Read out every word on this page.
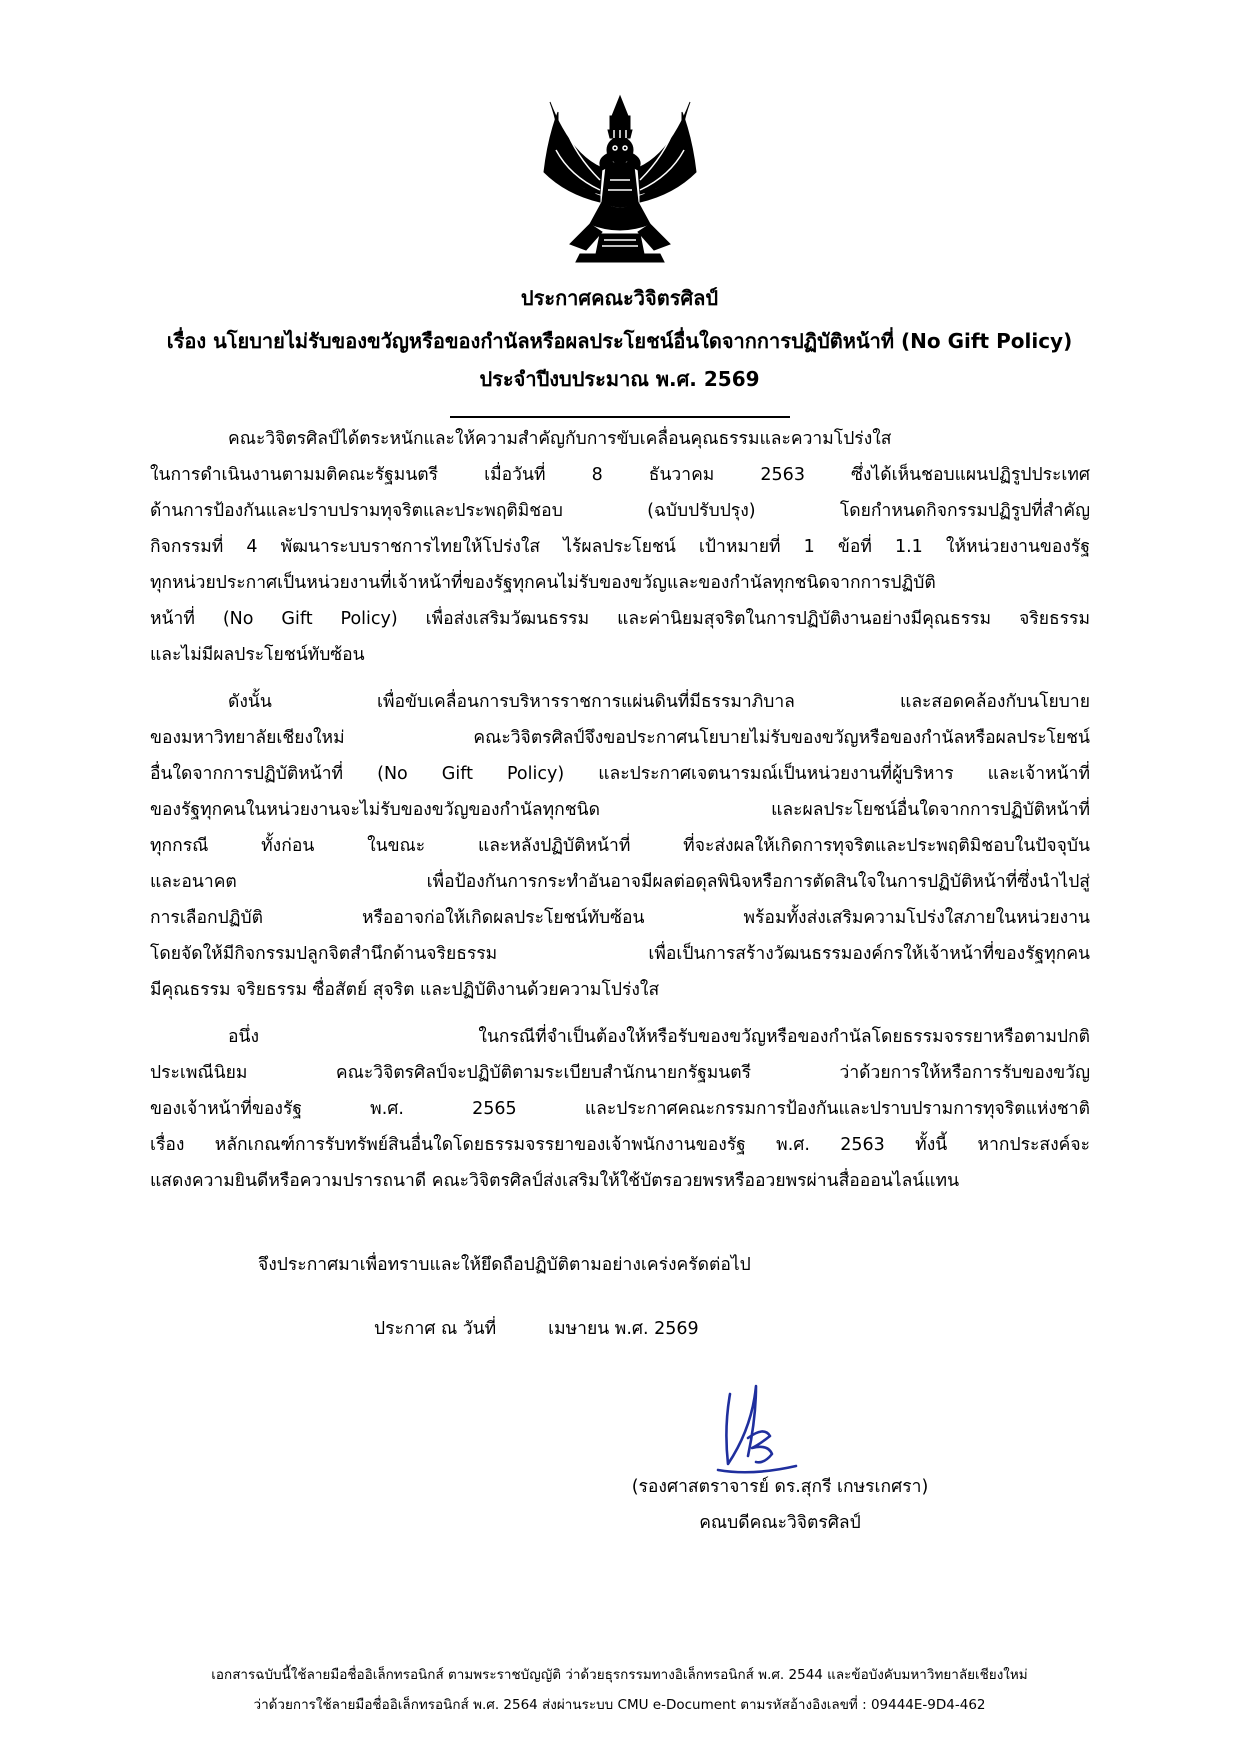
ประกาศคณะวิจิตรศิลป์
เรื่อง นโยบายไม่รับของขวัญหรือของกำนัลหรือผลประโยชน์อื่นใดจากการปฏิบัติหน้าที่ (No Gift Policy)
ประจำปีงบประมาณ พ.ศ. 2569
คณะวิจิตรศิลป์ได้ตระหนักและให้ความสำคัญกับการขับเคลื่อนคุณธรรมและความโปร่งใส
ในการดำเนินงานตามมติคณะรัฐมนตรี เมื่อวันที่ 8 ธันวาคม 2563 ซึ่งได้เห็นชอบแผนปฏิรูปประเทศ
ด้านการป้องกันและปราบปรามทุจริตและประพฤติมิชอบ (ฉบับปรับปรุง) โดยกำหนดกิจกรรมปฏิรูปที่สำคัญ
กิจกรรมที่ 4 พัฒนาระบบราชการไทยให้โปร่งใส ไร้ผลประโยชน์ เป้าหมายที่ 1 ข้อที่ 1.1 ให้หน่วยงานของรัฐ
ทุกหน่วยประกาศเป็นหน่วยงานที่เจ้าหน้าที่ของรัฐทุกคนไม่รับของขวัญและของกำนัลทุกชนิดจากการปฏิบัติ
หน้าที่ (No Gift Policy) เพื่อส่งเสริมวัฒนธรรม และค่านิยมสุจริตในการปฏิบัติงานอย่างมีคุณธรรม จริยธรรม
และไม่มีผลประโยชน์ทับซ้อน
ดังนั้น เพื่อขับเคลื่อนการบริหารราชการแผ่นดินที่มีธรรมาภิบาล และสอดคล้องกับนโยบาย
ของมหาวิทยาลัยเชียงใหม่ คณะวิจิตรศิลป์จึงขอประกาศนโยบายไม่รับของขวัญหรือของกำนัลหรือผลประโยชน์
อื่นใดจากการปฏิบัติหน้าที่ (No Gift Policy) และประกาศเจตนารมณ์เป็นหน่วยงานที่ผู้บริหาร และเจ้าหน้าที่
ของรัฐทุกคนในหน่วยงานจะไม่รับของขวัญของกำนัลทุกชนิด และผลประโยชน์อื่นใดจากการปฏิบัติหน้าที่
ทุกกรณี ทั้งก่อน ในขณะ และหลังปฏิบัติหน้าที่ ที่จะส่งผลให้เกิดการทุจริตและประพฤติมิชอบในปัจจุบัน
และอนาคต เพื่อป้องกันการกระทำอันอาจมีผลต่อดุลพินิจหรือการตัดสินใจในการปฏิบัติหน้าที่ซึ่งนำไปสู่
การเลือกปฏิบัติ หรืออาจก่อให้เกิดผลประโยชน์ทับซ้อน พร้อมทั้งส่งเสริมความโปร่งใสภายในหน่วยงาน
โดยจัดให้มีกิจกรรมปลูกจิตสำนึกด้านจริยธรรม เพื่อเป็นการสร้างวัฒนธรรมองค์กรให้เจ้าหน้าที่ของรัฐทุกคน
มีคุณธรรม จริยธรรม ซื่อสัตย์ สุจริต และปฏิบัติงานด้วยความโปร่งใส
อนึ่ง ในกรณีที่จำเป็นต้องให้หรือรับของขวัญหรือของกำนัลโดยธรรมจรรยาหรือตามปกติ
ประเพณีนิยม คณะวิจิตรศิลป์จะปฏิบัติตามระเบียบสำนักนายกรัฐมนตรี ว่าด้วยการให้หรือการรับของขวัญ
ของเจ้าหน้าที่ของรัฐ พ.ศ. 2565 และประกาศคณะกรรมการป้องกันและปราบปรามการทุจริตแห่งชาติ
เรื่อง หลักเกณฑ์การรับทรัพย์สินอื่นใดโดยธรรมจรรยาของเจ้าพนักงานของรัฐ พ.ศ. 2563 ทั้งนี้ หากประสงค์จะ
แสดงความยินดีหรือความปรารถนาดี คณะวิจิตรศิลป์ส่งเสริมให้ใช้บัตรอวยพรหรืออวยพรผ่านสื่อออนไลน์แทน
จึงประกาศมาเพื่อทราบและให้ยึดถือปฏิบัติตามอย่างเคร่งครัดต่อไป
ประกาศ ณ วันที่	เมษายน พ.ศ. 2569
(รองศาสตราจารย์ ดร.สุกรี เกษรเกศรา)
คณบดีคณะวิจิตรศิลป์
เอกสารฉบับนี้ใช้ลายมือชื่ออิเล็กทรอนิกส์ ตามพระราชบัญญัติ ว่าด้วยธุรกรรมทางอิเล็กทรอนิกส์ พ.ศ. 2544 และข้อบังคับมหาวิทยาลัยเชียงใหม่
ว่าด้วยการใช้ลายมือชื่ออิเล็กทรอนิกส์ พ.ศ. 2564 ส่งผ่านระบบ CMU e-Document ตามรหัสอ้างอิงเลขที่ : 09444E-9D4-462
